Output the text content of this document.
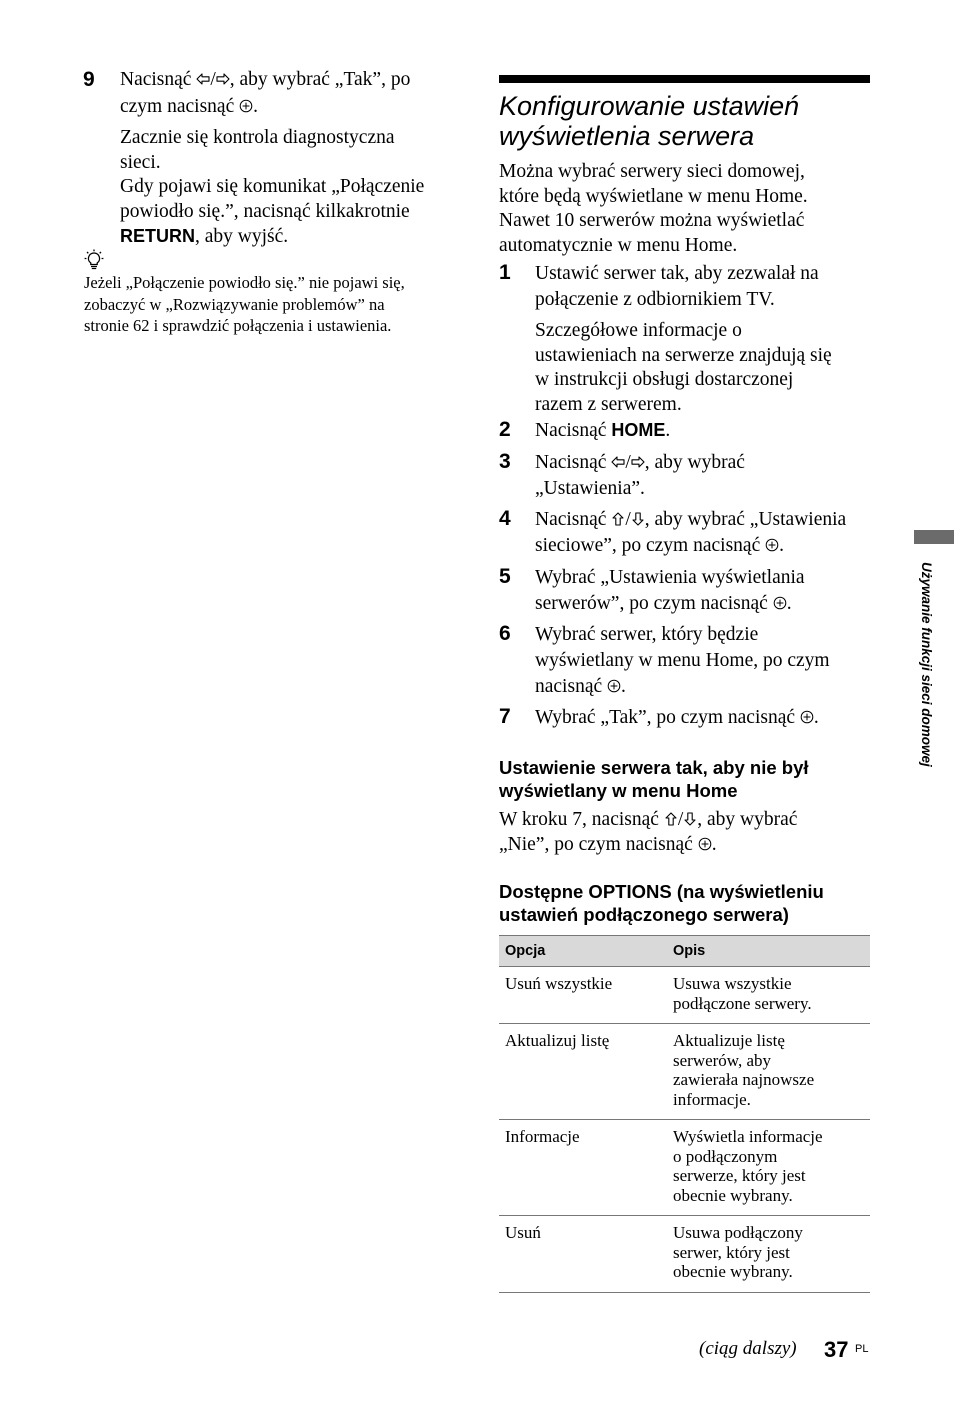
9 Nacisnąć / , aby wybrać „Tak”, po
czym nacisnąć .
Zacznie się kontrola diagnostyczna
sieci.
Gdy pojawi się komunikat „Połączenie
powiodło się.”, nacisnąć kilkakrotnie
RETURN, aby wyjść.
Jeżeli „Połączenie powiodło się.” nie pojawi się,
zobaczyć w „Rozwiązywanie problemów” na
stronie 62 i sprawdzić połączenia i ustawienia.
Konfigurowanie ustawień
wyświetlenia serwera
Można wybrać serwery sieci domowej,
które będą wyświetlane w menu Home.
Nawet 10 serwerów można wyświetlać
automatycznie w menu Home.
1 Ustawić serwer tak, aby zezwalał na
połączenie z odbiornikiem TV.
Szczegółowe informacje o
ustawieniach na serwerze znajdują się
w instrukcji obsługi dostarczonej
razem z serwerem.
2 Nacisnąć HOME.
3 Nacisnąć / , aby wybrać
„Ustawienia”.
4 Nacisnąć / , aby wybrać „Ustawienia
sieciowe”, po czym nacisnąć .
5 Wybrać „Ustawienia wyświetlania
serwerów”, po czym nacisnąć .
6 Wybrać serwer, który będzie
wyświetlany w menu Home, po czym
nacisnąć .
7 Wybrać „Tak”, po czym nacisnąć .
Ustawienie serwera tak, aby nie był
wyświetlany w menu Home
W kroku 7, nacisnąć / , aby wybrać
„Nie”, po czym nacisnąć .
Dostępne OPTIONS (na wyświetleniu
ustawień podłączonego serwera)
Opcja	Opis
Usuń wszystkie	Usuwa wszystkie
podłączone serwery.

Aktualizuj listę	Aktualizuje listę
serwerów, aby
zawierała najnowsze
informacje.

Informacje	Wyświetla informacje
o podłączonym
serwerze, który jest
obecnie wybrany.

Usuń	Usuwa podłączony
serwer, który jest
obecnie wybrany.
Używanie funkcji sieci domowej
(ciąg dalszy) 37 PL
